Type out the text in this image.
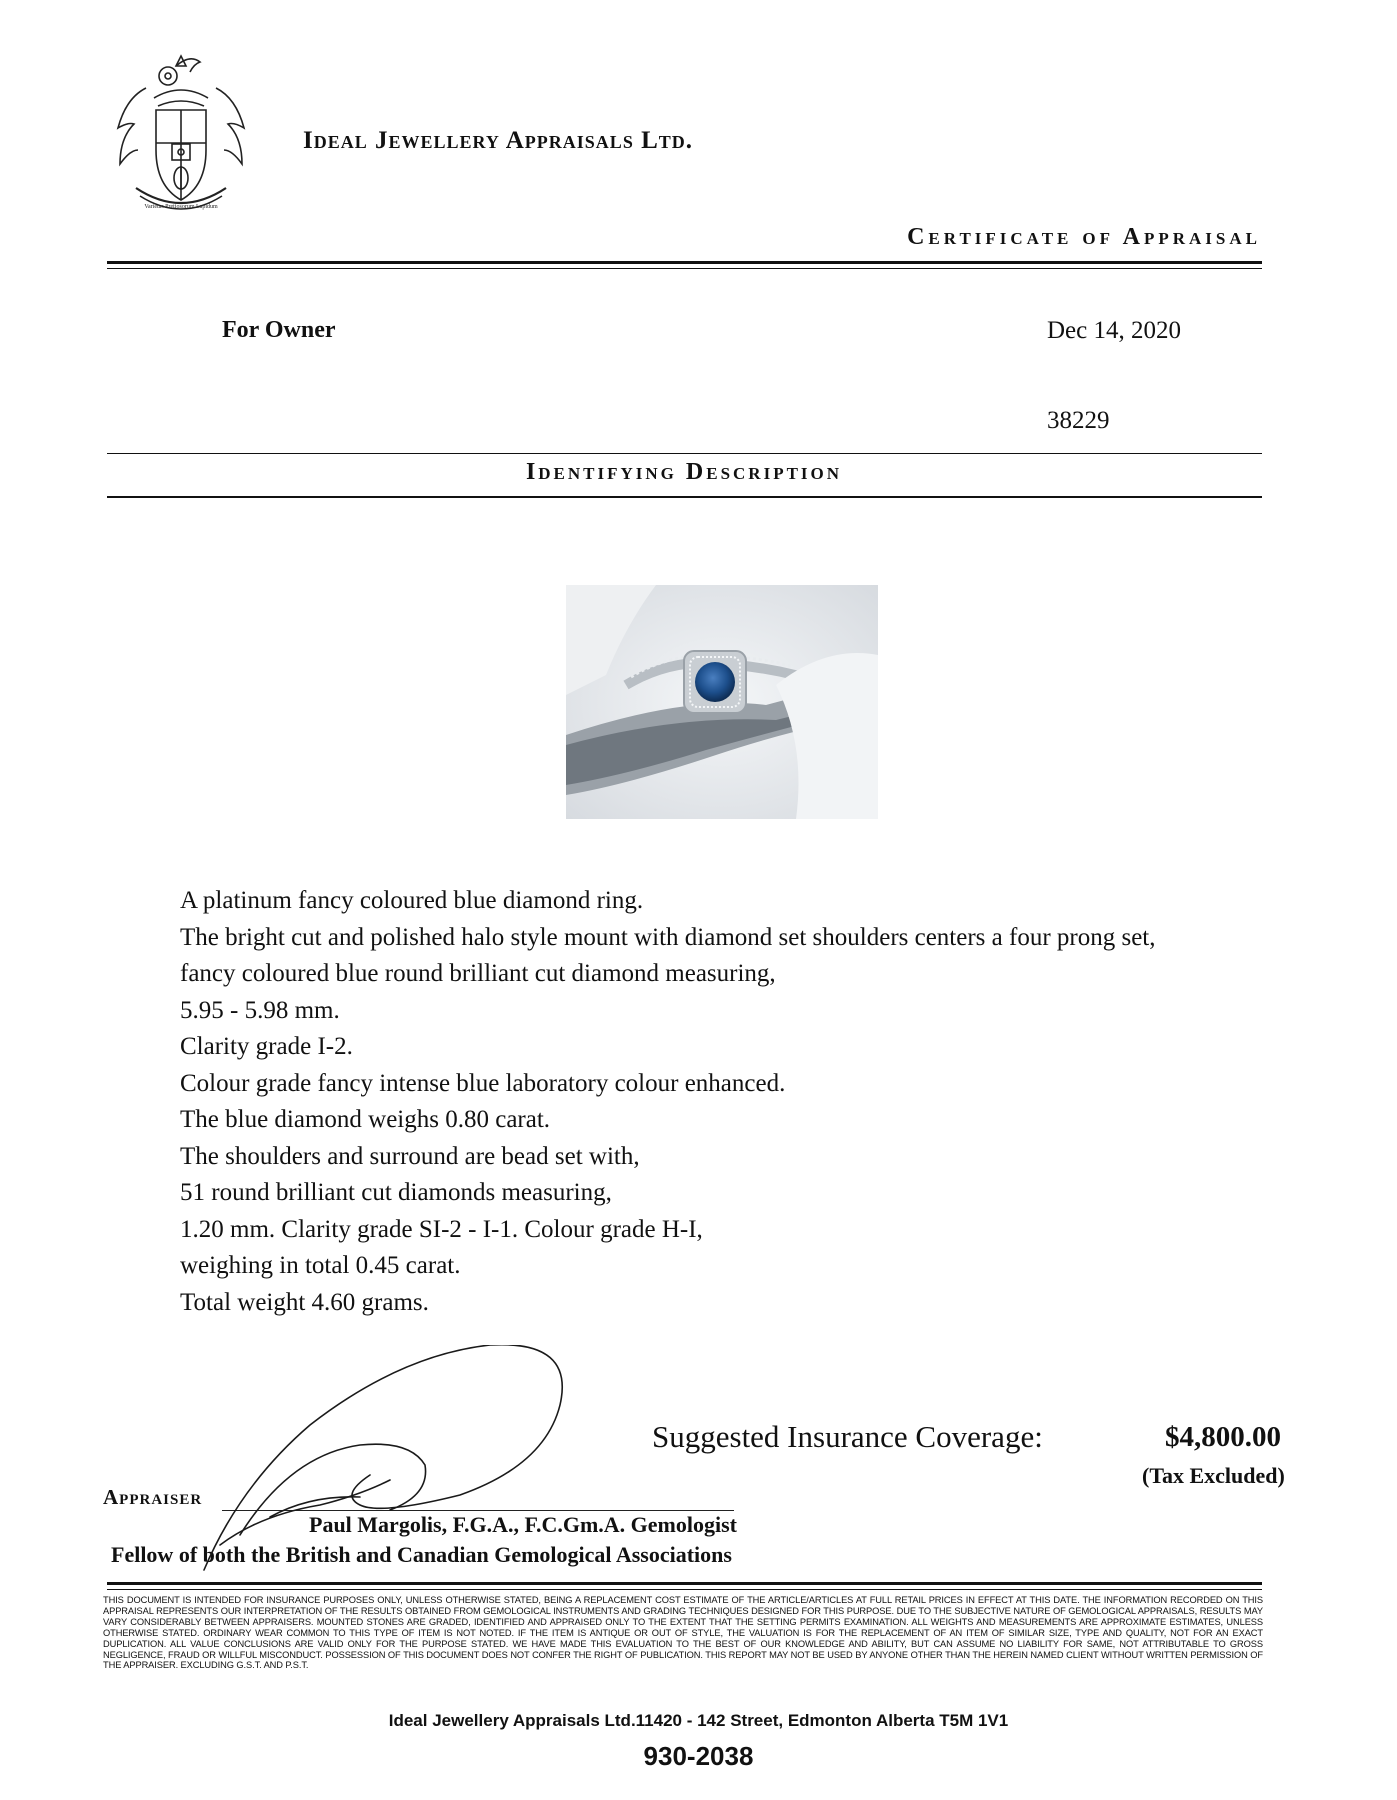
Varietas Pretiosorum Lapidum
Ideal Jewellery Appraisals Ltd.
Certificate of Appraisal
For Owner	Dec 14, 2020
38229
Identifying Description
A platinum fancy coloured blue diamond ring.
The bright cut and polished halo style mount with diamond set shoulders centers a four prong set,
fancy coloured blue round brilliant cut diamond measuring,
5.95 - 5.98 mm.
Clarity grade I-2.
Colour grade fancy intense blue laboratory colour enhanced.
The blue diamond weighs 0.80 carat.
The shoulders and surround are bead set with,
51 round brilliant cut diamonds measuring,
1.20 mm. Clarity grade SI-2 - I-1. Colour grade H-I,
weighing in total 0.45 carat.
Total weight 4.60 grams.
Suggested Insurance Coverage:	$4,800.00
(Tax Excluded)
Appraiser
Paul Margolis, F.G.A., F.C.Gm.A. Gemologist
Fellow of both the British and Canadian Gemological Associations
THIS DOCUMENT IS INTENDED FOR INSURANCE PURPOSES ONLY, UNLESS OTHERWISE STATED, BEING A REPLACEMENT COST ESTIMATE OF THE ARTICLE/ARTICLES AT FULL RETAIL PRICES IN EFFECT AT THIS DATE. THE INFORMATION RECORDED ON THIS APPRAISAL REPRESENTS OUR INTERPRETATION OF THE RESULTS OBTAINED FROM GEMOLOGICAL INSTRUMENTS AND GRADING TECHNIQUES DESIGNED FOR THIS PURPOSE. DUE TO THE SUBJECTIVE NATURE OF GEMOLOGICAL APPRAISALS, RESULTS MAY VARY CONSIDERABLY BETWEEN APPRAISERS. MOUNTED STONES ARE GRADED, IDENTIFIED AND APPRAISED ONLY TO THE EXTENT THAT THE SETTING PERMITS EXAMINATION. ALL WEIGHTS AND MEASUREMENTS ARE APPROXIMATE ESTIMATES, UNLESS OTHERWISE STATED. ORDINARY WEAR COMMON TO THIS TYPE OF ITEM IS NOT NOTED. IF THE ITEM IS ANTIQUE OR OUT OF STYLE, THE VALUATION IS FOR THE REPLACEMENT OF AN ITEM OF SIMILAR SIZE, TYPE AND QUALITY, NOT FOR AN EXACT DUPLICATION. ALL VALUE CONCLUSIONS ARE VALID ONLY FOR THE PURPOSE STATED. WE HAVE MADE THIS EVALUATION TO THE BEST OF OUR KNOWLEDGE AND ABILITY, BUT CAN ASSUME NO LIABILITY FOR SAME, NOT ATTRIBUTABLE TO GROSS NEGLIGENCE, FRAUD OR WILLFUL MISCONDUCT. POSSESSION OF THIS DOCUMENT DOES NOT CONFER THE RIGHT OF PUBLICATION. THIS REPORT MAY NOT BE USED BY ANYONE OTHER THAN THE HEREIN NAMED CLIENT WITHOUT WRITTEN PERMISSION OF THE APPRAISER. EXCLUDING G.S.T. AND P.S.T.
Ideal Jewellery Appraisals Ltd.11420 - 142 Street, Edmonton Alberta T5M 1V1
930-2038
